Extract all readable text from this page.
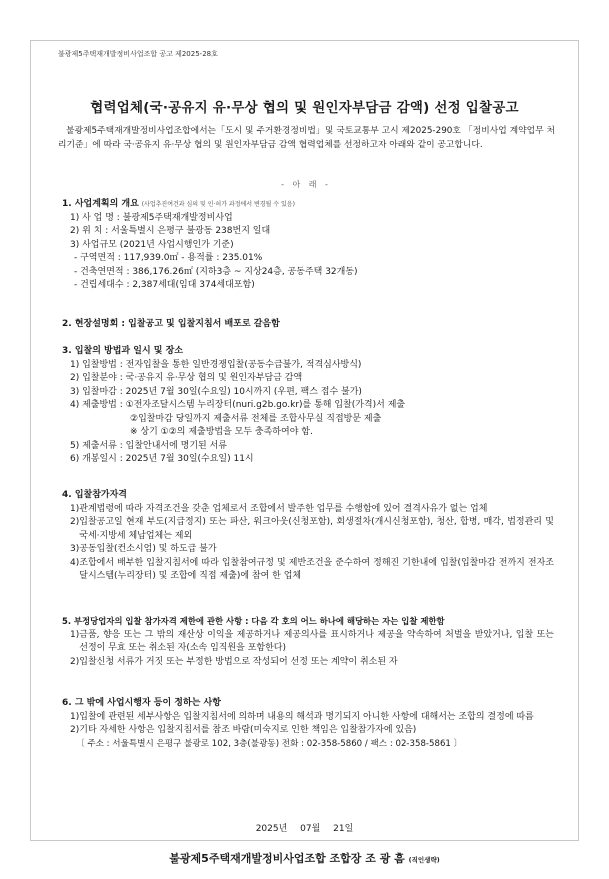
불광제5주택재개발정비사업조합 공고 제2025-28호
협력업체(국·공유지 유·무상 협의 및 원인자부담금 감액) 선정 입찰공고
불광제5주택재개발정비사업조합에서는「도시 및 주거환경정비법」및 국토교통부 고시 제2025-290호 「정비사업 계약업무 처리기준」에 따라 국·공유지 유·무상 협의 및 원인자부담금 감액 협력업체를 선정하고자 아래와 같이 공고합니다.
- 아 래 -
1. 사업계획의 개요 (사업추진여건과 심의 및 인·허가 과정에서 변경될 수 있음)
1) 사 업 명 : 불광제5주택재개발정비사업
2) 위 치 : 서울특별시 은평구 불광동 238번지 일대
3) 사업규모 (2021년 사업시행인가 기준)
- 구역면적 : 117,939.0㎡ - 용적률 : 235.01%
- 건축연면적 : 386,176.26㎡ (지하3층 ~ 지상24층, 공동주택 32개동)
- 건립세대수 : 2,387세대(임대 374세대포함)
2. 현장설명회 : 입찰공고 및 입찰지침서 배포로 갈음함
3. 입찰의 방법과 일시 및 장소
1) 입찰방법 : 전자입찰을 통한 일반경쟁입찰(공동수급불가, 적격심사방식)
2) 입찰분야 : 국·공유지 유·무상 협의 및 원인자부담금 감액
3) 입찰마감 : 2025년 7월 30일(수요일) 10시까지 (우편, 팩스 접수 불가)
4) 제출방법 : ①전자조달시스템 누리장터(nuri.g2b.go.kr)를 통해 입찰(가격)서 제출
②입찰마감 당일까지 제출서류 전체를 조합사무실 직접방문 제출
※ 상기 ①②의 제출방법을 모두 충족하여야 함.
5) 제출서류 : 입찰안내서에 명기된 서류
6) 개봉일시 : 2025년 7월 30일(수요일) 11시
4. 입찰참가자격
1) 관계법령에 따라 자격조건을 갖춘 업체로서 조합에서 발주한 업무를 수행함에 있어 결격사유가 없는 업체
2) 입찰공고일 현재 부도(지급정지) 또는 파산, 워크아웃(신청포함), 회생절차(개시신청포함), 청산, 합병, 매각, 법정관리 및 국세·지방세 체납업체는 제외
3) 공동입찰(컨소시엄) 및 하도급 불가
4) 조합에서 배부한 입찰지침서에 따라 입찰참여규정 및 제반조건을 준수하여 정해진 기한내에 입찰(입찰마감 전까지 전자조달시스템(누리장터) 및 조합에 직접 제출)에 참여 한 업체
5. 부정당업자의 입찰 참가자격 제한에 관한 사항 : 다음 각 호의 어느 하나에 해당하는 자는 입찰 제한함
1) 금품, 향응 또는 그 밖의 재산상 이익을 제공하거나 제공의사를 표시하거나 제공을 약속하여 처벌을 받았거나, 입찰 또는 선정이 무효 또는 취소된 자(소속 임직원을 포함한다)
2) 입찰신청 서류가 거짓 또는 부정한 방법으로 작성되어 선정 또는 계약이 취소된 자
6. 그 밖에 사업시행자 등이 정하는 사항
1) 입찰에 관련된 세부사항은 입찰지침서에 의하며 내용의 해석과 명기되지 아니한 사항에 대해서는 조합의 결정에 따름
2) 기타 자세한 사항은 입찰지침서를 참조 바람(미숙지로 인한 책임은 입찰참가자에 있음)
〔 주소 : 서울특별시 은평구 불광로 102, 3층(불광동) 전화 : 02-358-5860 / 팩스 : 02-358-5861 〕
2025년 07월 21일
불광제5주택재개발정비사업조합 조합장 조 광 흠 (직인생략)
